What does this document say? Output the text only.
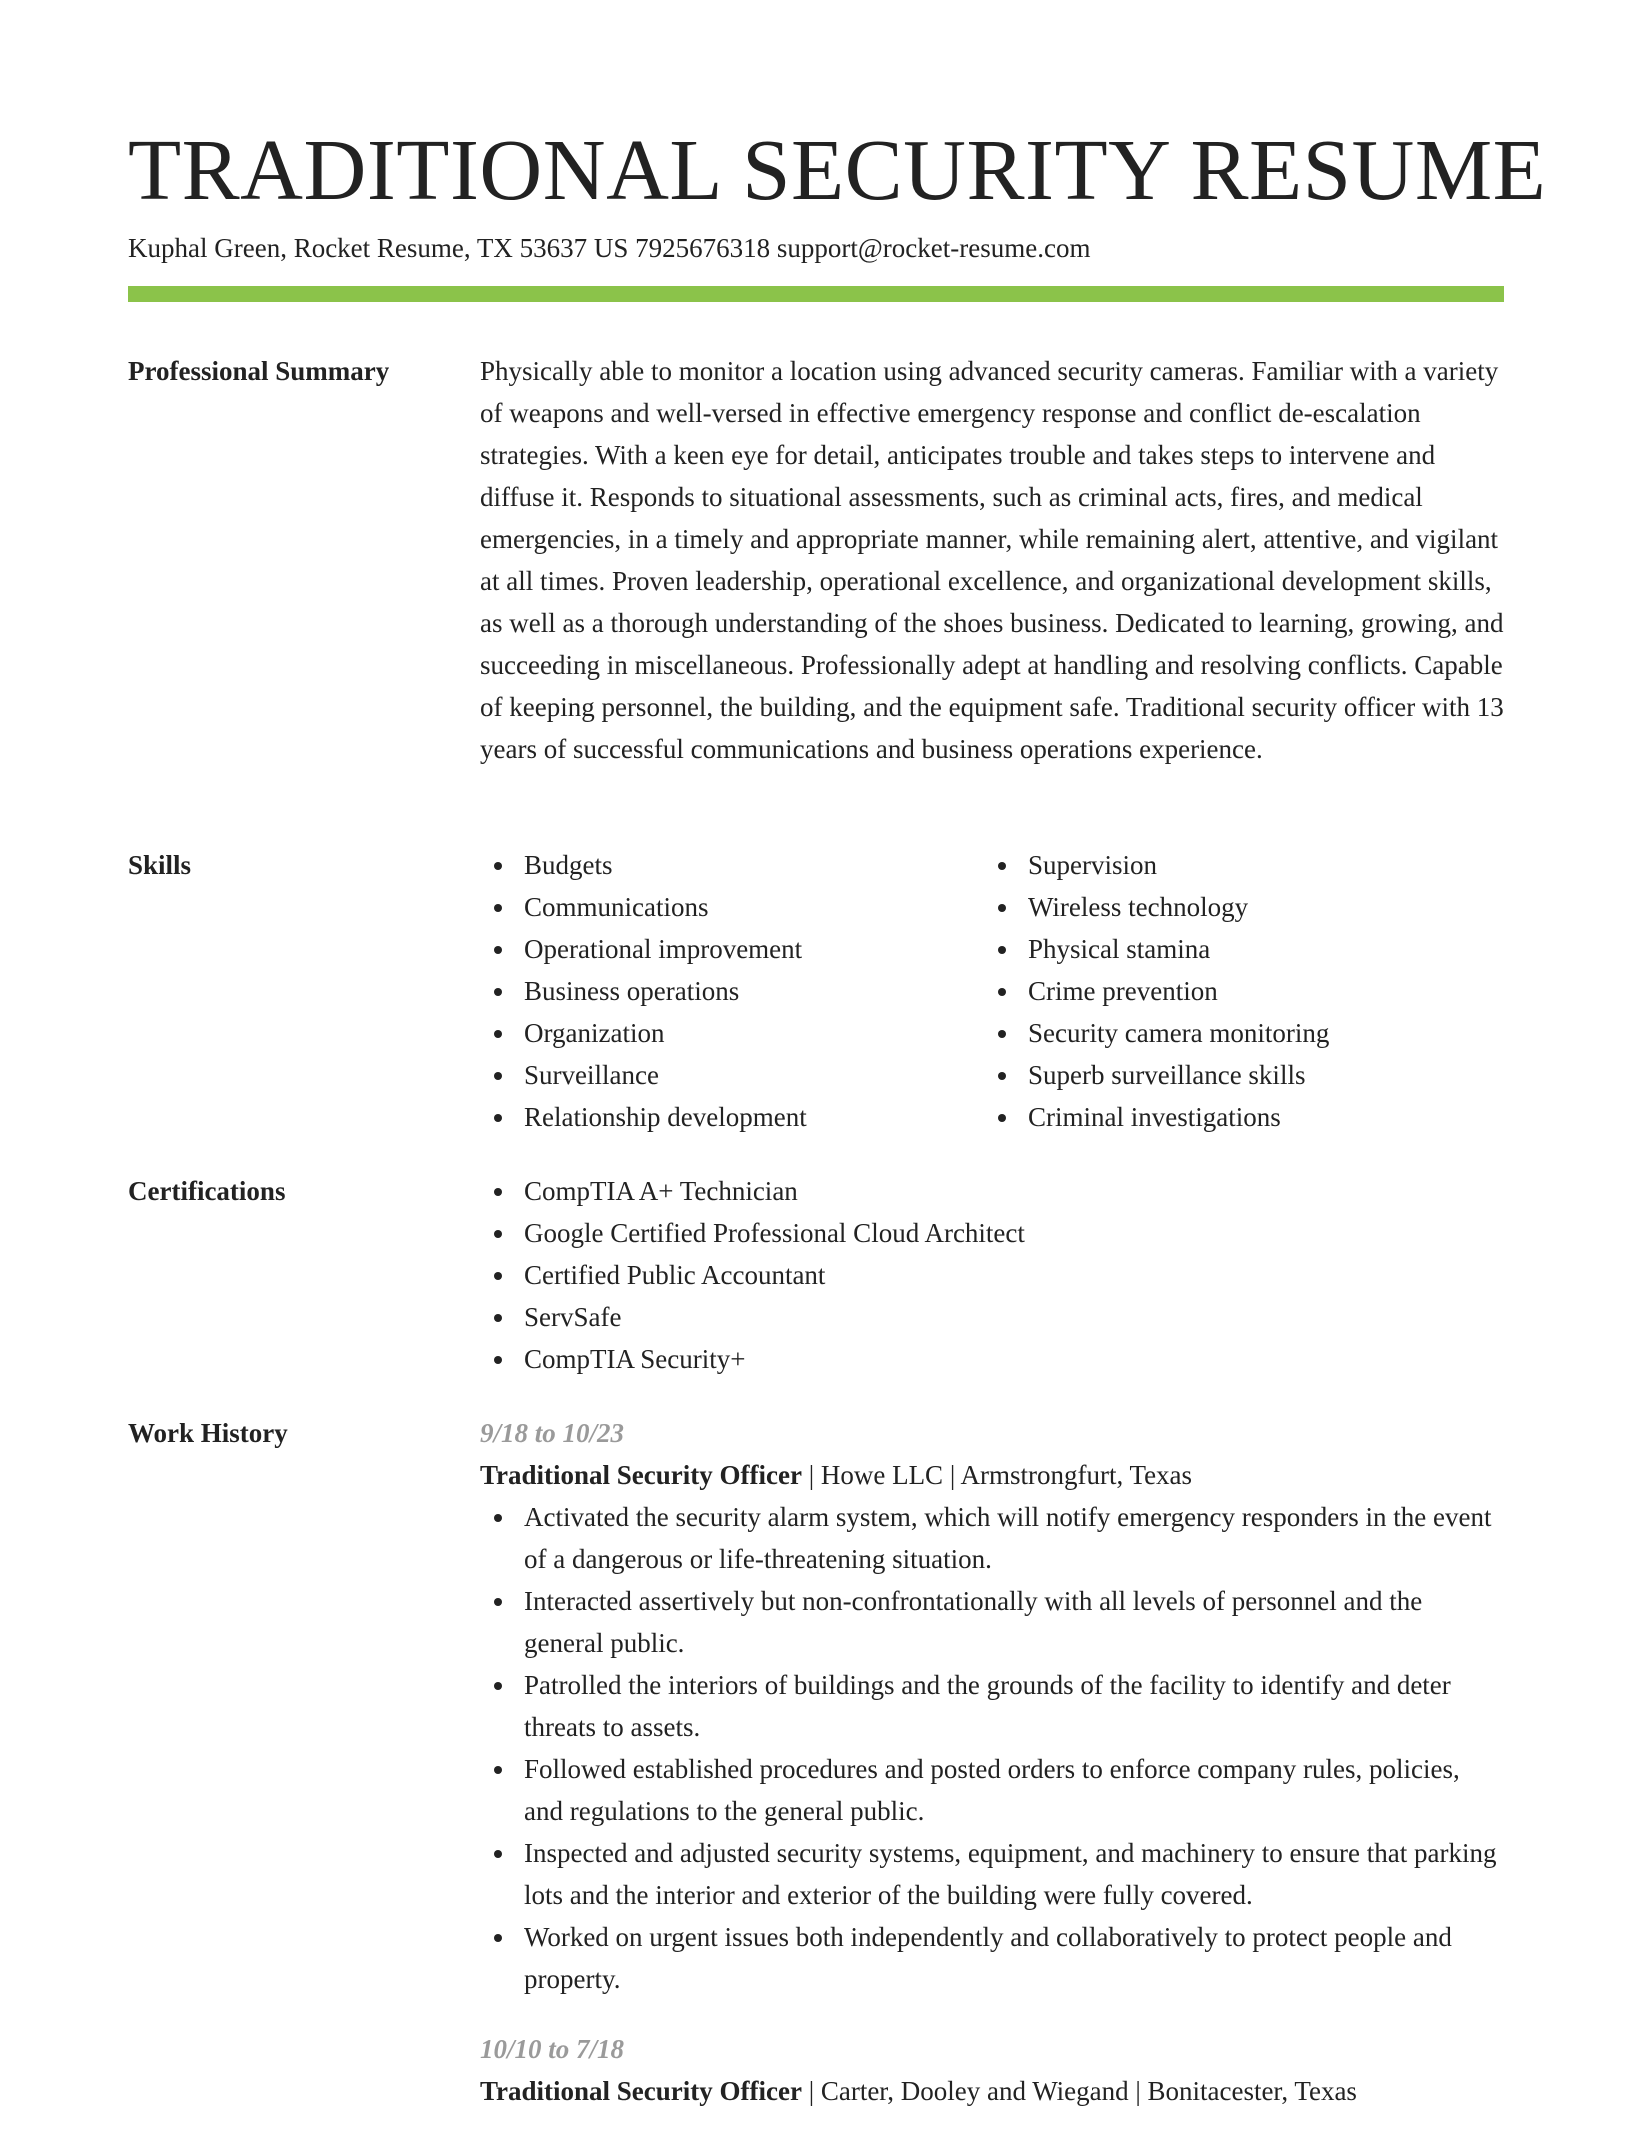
TRADITIONAL SECURITY RESUME
Kuphal Green, Rocket Resume, TX 53637 US 7925676318 support@rocket-resume.com
Professional Summary	Physically able to monitor a location using advanced security cameras. Familiar with a variety of weapons and well-versed in effective emergency response and conflict de-escalation strategies. With a keen eye for detail, anticipates trouble and takes steps to intervene and diffuse it. Responds to situational assessments, such as criminal acts, fires, and medical emergencies, in a timely and appropriate manner, while remaining alert, attentive, and vigilant at all times. Proven leadership, operational excellence, and organizational development skills, as well as a thorough understanding of the shoes business. Dedicated to learning, growing, and succeeding in miscellaneous. Professionally adept at handling and resolving conflicts. Capable of keeping personnel, the building, and the equipment safe. Traditional security officer with 13 years of successful communications and business operations experience.

Skills	Budgets
Communications
Operational improvement
Business operations
Organization
Surveillance
Relationship development
Supervision
Wireless technology
Physical stamina
Crime prevention
Security camera monitoring
Superb surveillance skills
Criminal investigations
Certifications	CompTIA A+ Technician
Google Certified Professional Cloud Architect
Certified Public Accountant
ServSafe
CompTIA Security+
Work History	9/18 to 10/23
Traditional Security Officer | Howe LLC | Armstrongfurt, Texas
Activated the security alarm system, which will notify emergency responders in the event of a dangerous or life-threatening situation.
Interacted assertively but non-confrontationally with all levels of personnel and the general public.
Patrolled the interiors of buildings and the grounds of the facility to identify and deter threats to assets.
Followed established procedures and posted orders to enforce company rules, policies, and regulations to the general public.
Inspected and adjusted security systems, equipment, and machinery to ensure that parking lots and the interior and exterior of the building were fully covered.
Worked on urgent issues both independently and collaboratively to protect people and property.
10/10 to 7/18
Traditional Security Officer | Carter, Dooley and Wiegand | Bonitacester, Texas
